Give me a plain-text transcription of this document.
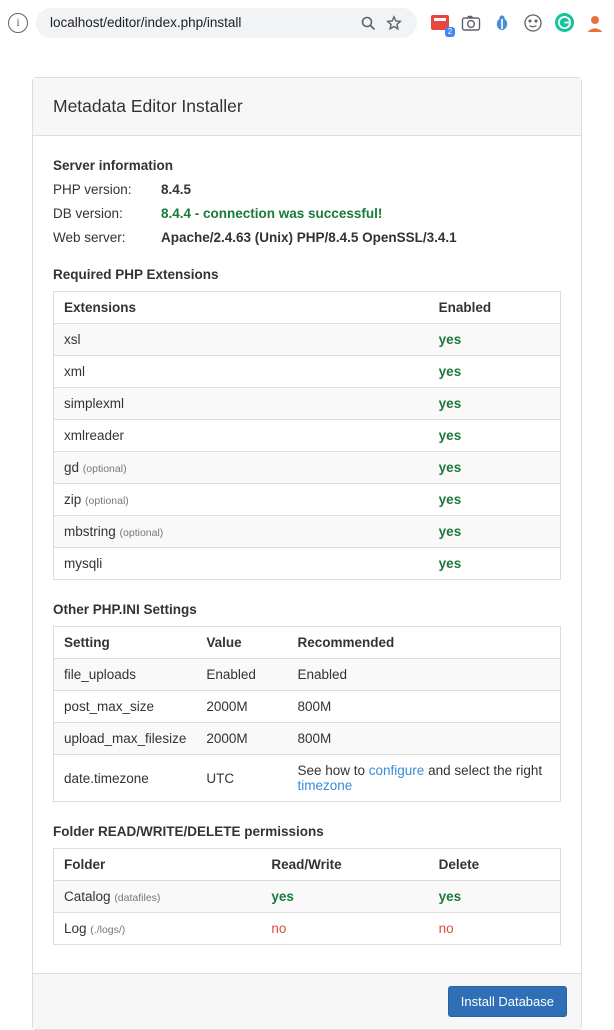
i	localhost/editor/index.php/install
2
Metadata Editor Installer
Server information
PHP version:	8.4.5
DB version:	8.4.4 - connection was successful!
Web server:	Apache/2.4.63 (Unix) PHP/8.4.5 OpenSSL/3.4.1
Required PHP Extensions
Extensions	Enabled
xsl	yes
xml	yes
simplexml	yes
xmlreader	yes
gd (optional)	yes
zip (optional)	yes
mbstring (optional)	yes
mysqli	yes
Other PHP.INI Settings
Setting	Value	Recommended
file_uploads	Enabled	Enabled
post_max_size	2000M	800M
upload_max_filesize	2000M	800M
date.timezone	UTC	See how to configure and select the right timezone
Folder READ/WRITE/DELETE permissions
Folder	Read/Write	Delete
Catalog (datafiles)	yes	yes
Log (./logs/)	no	no
Install Database
